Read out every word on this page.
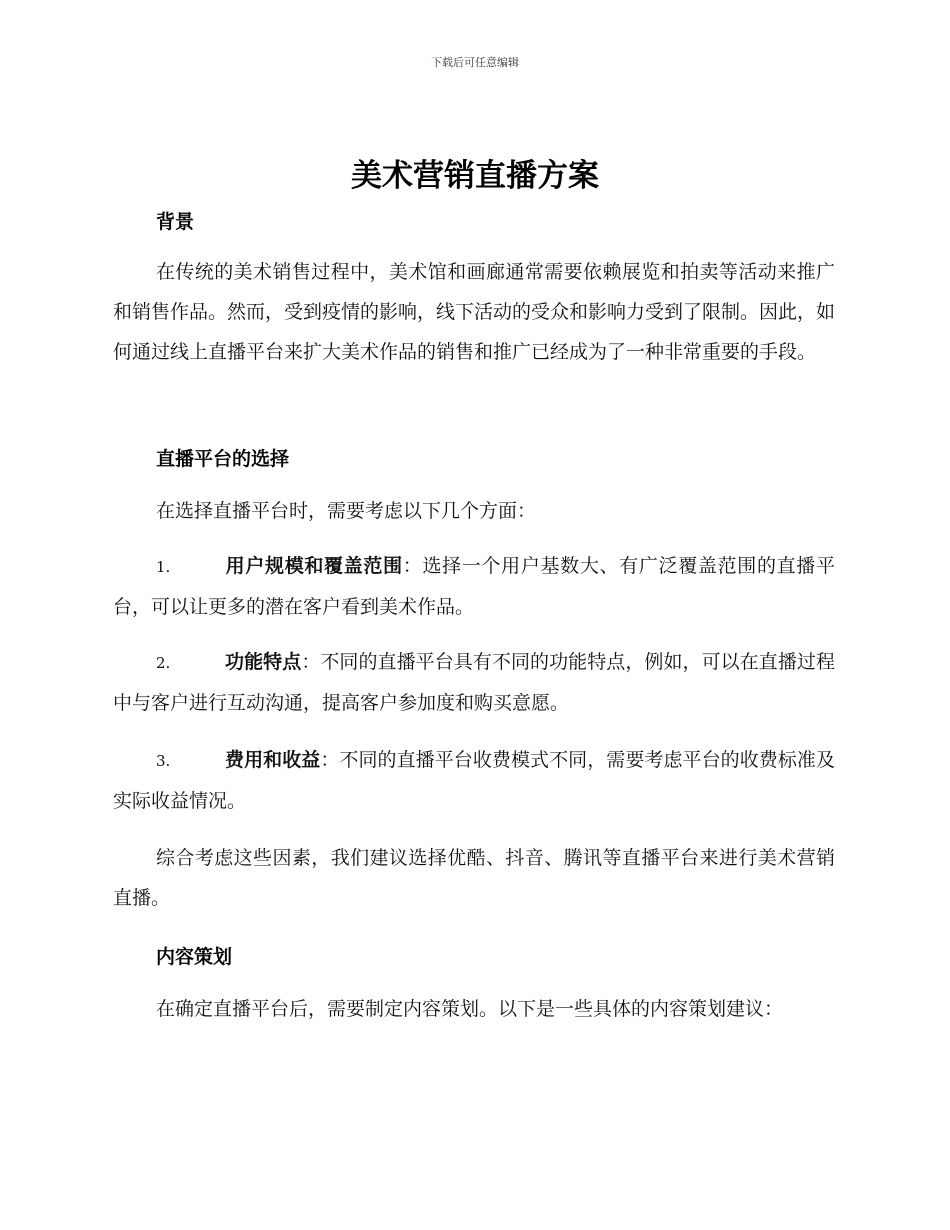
下载后可任意编辑
美术营销直播方案
背景

在传统的美术销售过程中，美术馆和画廊通常需要依赖展览和拍卖等活动来推广和销售作品。然而，受到疫情的影响，线下活动的受众和影响力受到了限制。因此，如何通过线上直播平台来扩大美术作品的销售和推广已经成为了一种非常重要的手段。

直播平台的选择

在选择直播平台时，需要考虑以下几个方面：

1.	用户规模和覆盖范围：选择一个用户基数大、有广泛覆盖范围的直播平台，可以让更多的潜在客户看到美术作品。
2.	功能特点：不同的直播平台具有不同的功能特点，例如，可以在直播过程中与客户进行互动沟通，提高客户参加度和购买意愿。
3.	费用和收益：不同的直播平台收费模式不同，需要考虑平台的收费标准及实际收益情况。

综合考虑这些因素，我们建议选择优酷、抖音、腾讯等直播平台来进行美术营销直播。

内容策划

在确定直播平台后，需要制定内容策划。以下是一些具体的内容策划建议：
